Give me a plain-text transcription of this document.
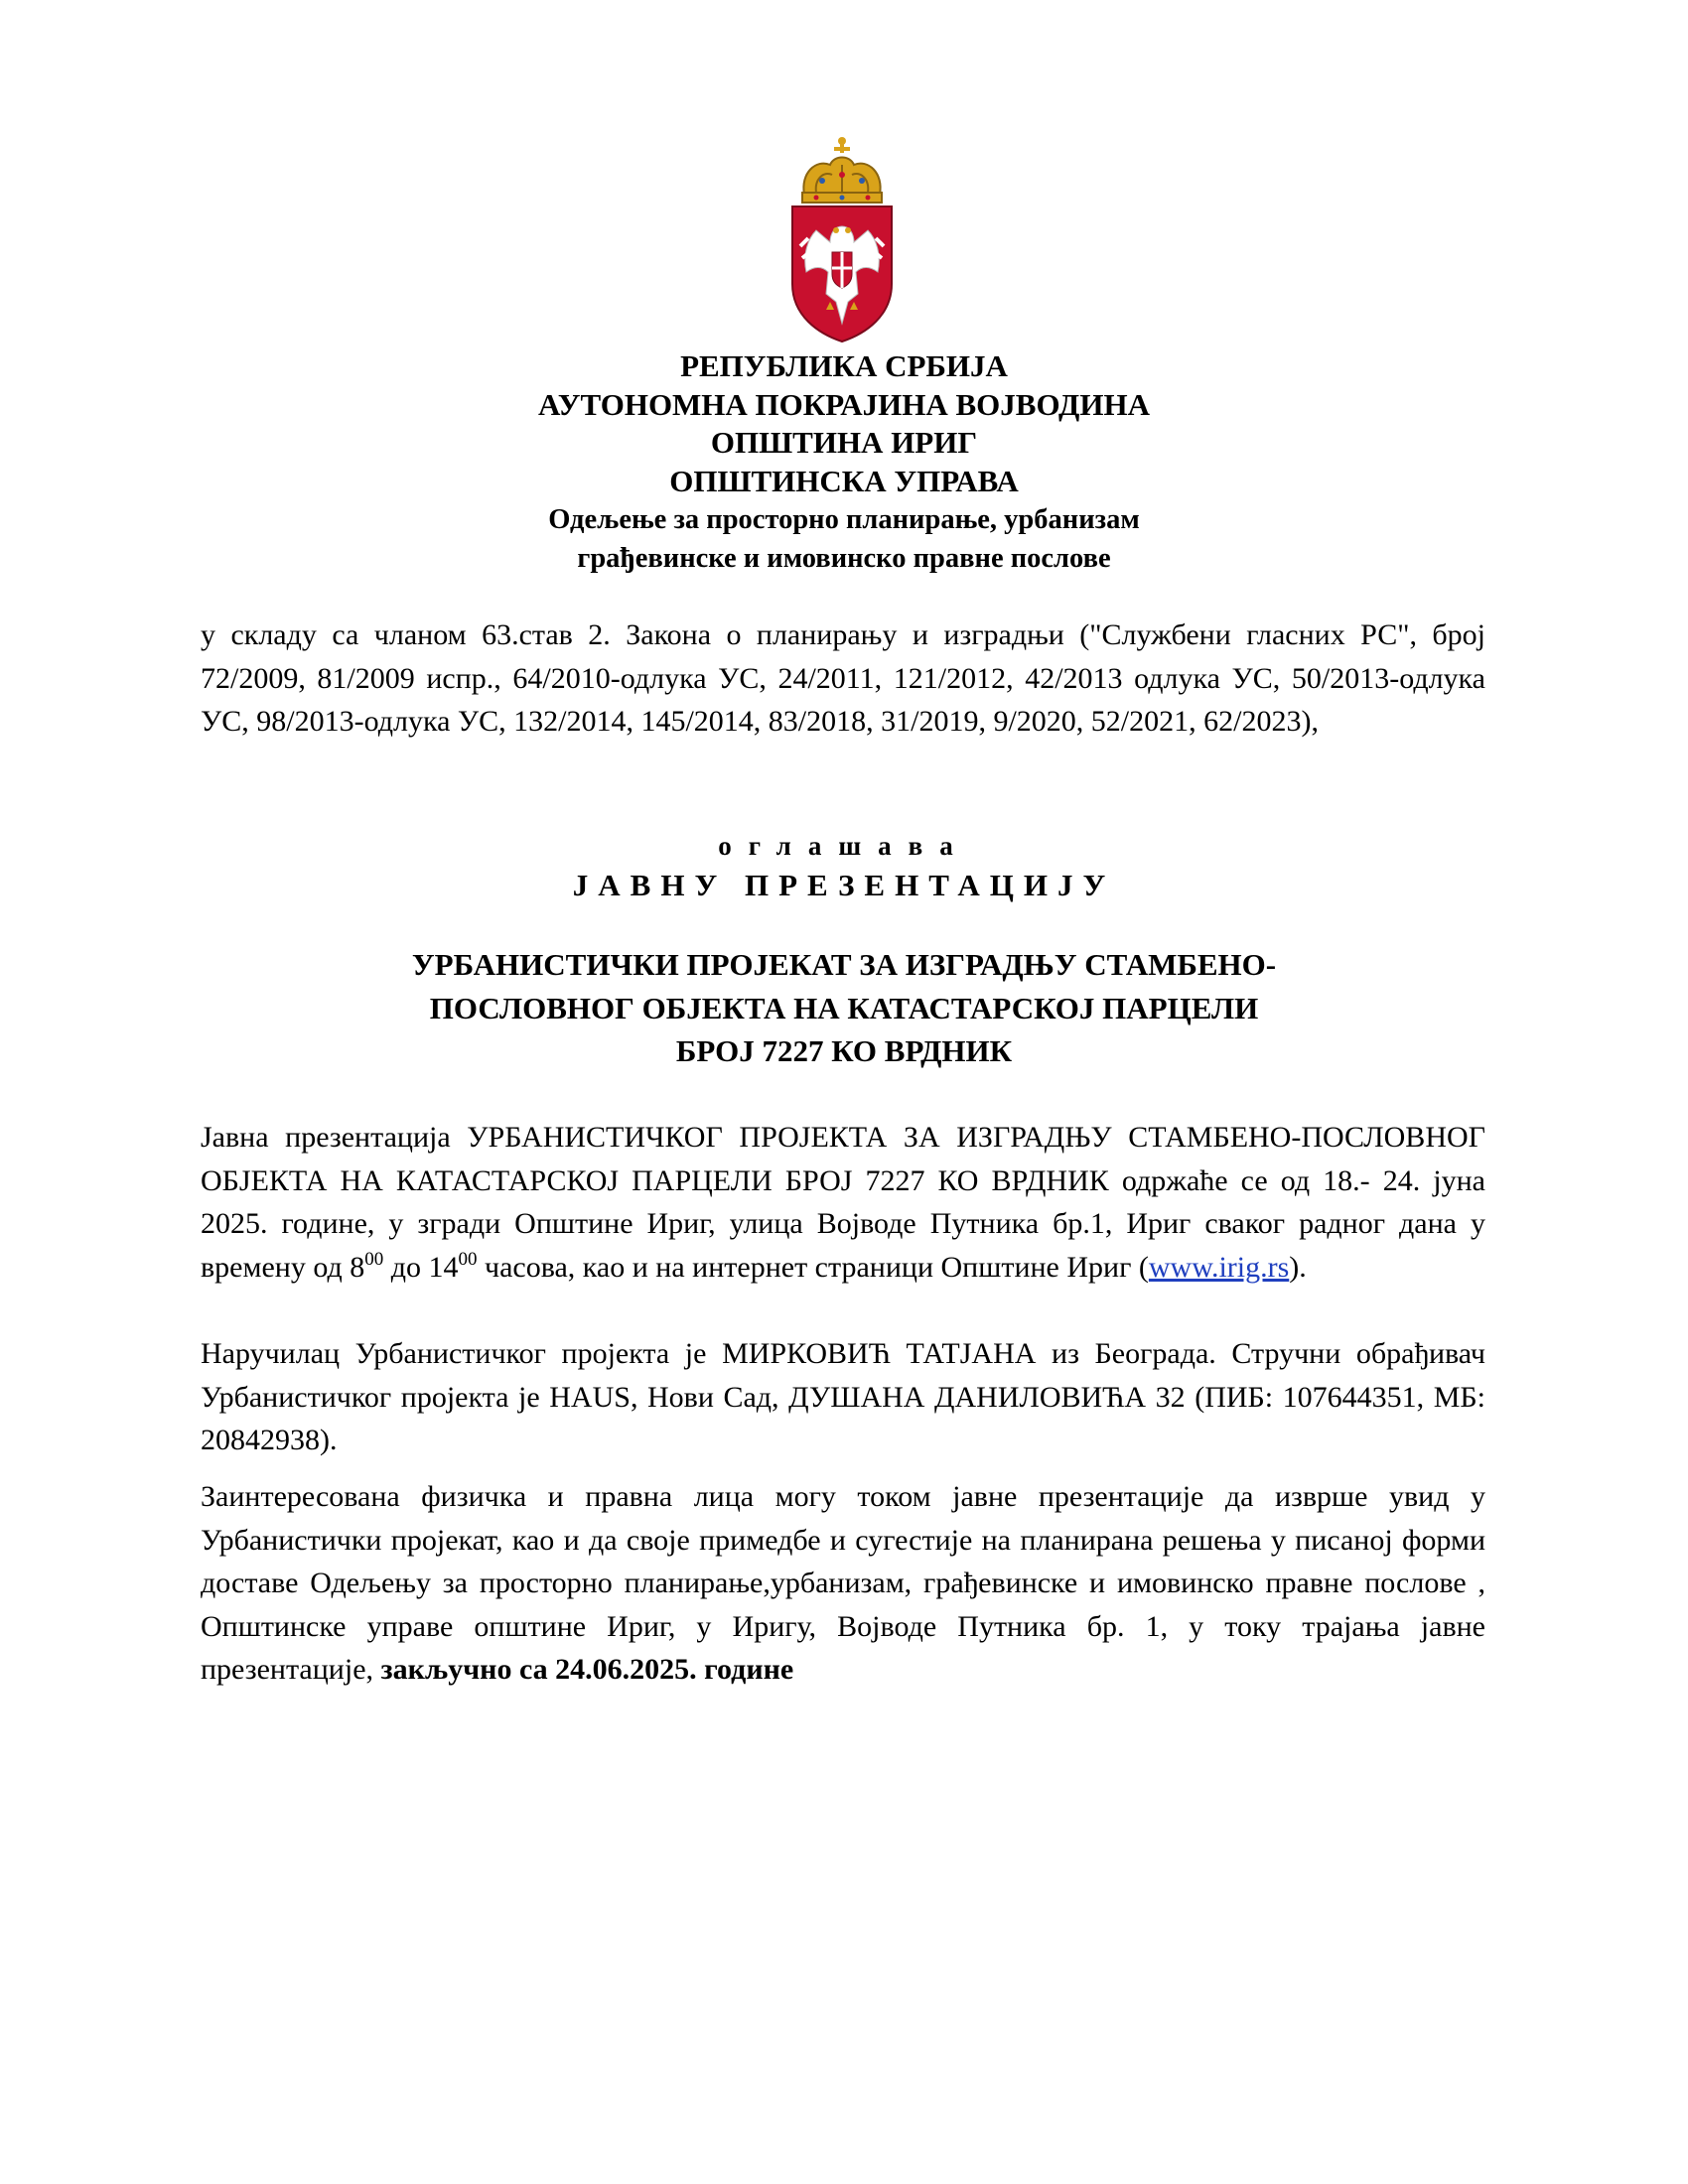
РЕПУБЛИКА СРБИЈА
АУТОНОМНА ПОКРАЈИНА ВОЈВОДИНА
ОПШТИНА ИРИГ
ОПШТИНСКА УПРАВА
Одељење за просторно планирање, урбанизам
грађевинске и имовинско правне послове
у складу са чланом 63.став 2. Закона о планирању и изградњи ("Службени гласних РС", број 72/2009, 81/2009 испр., 64/2010-одлука УС, 24/2011, 121/2012, 42/2013 одлука УС, 50/2013-одлука УС, 98/2013-одлука УС, 132/2014, 145/2014, 83/2018, 31/2019, 9/2020, 52/2021, 62/2023),
оглашава
ЈАВНУ ПРЕЗЕНТАЦИЈУ
УРБАНИСТИЧКИ ПРОЈЕКАТ ЗА ИЗГРАДЊУ СТАМБЕНО-
ПОСЛОВНОГ ОБЈЕКТА НА КАТАСТАРСКОЈ ПАРЦЕЛИ
БРОЈ 7227 КО ВРДНИК
Јавна презентација УРБАНИСТИЧКОГ ПРОЈЕКТА ЗА ИЗГРАДЊУ СТАМБЕНО-ПОСЛОВНОГ ОБЈЕКТА НА КАТАСТАРСКОЈ ПАРЦЕЛИ БРОЈ 7227 КО ВРДНИК одржаће се од 18.- 24. јуна 2025. године, у згради Општине Ириг, улица Војводе Путника бр.1, Ириг сваког радног дана у времену од $8^{00}$ до $14^{00}$ часова, као и на интернет страници Општине Ириг (www.irig.rs).
Наручилац Урбанистичког пројекта је МИРКОВИЋ ТАТЈАНА из Београда. Стручни обрађивач Урбанистичког пројекта је HAUS, Нови Сад, ДУШАНА ДАНИЛОВИЋА 32 (ПИБ: 107644351, МБ: 20842938).
Заинтересована физичка и правна лица могу током јавне презентације да изврше увид у Урбанистички пројекат, као и да своје примедбе и сугестије на планирана решења у писаној форми доставе Одељењу за просторно планирање,урбанизам, грађевинске и имовинско правне послове , Општинске управе општине Ириг, у Иригу, Војводе Путника бр. 1, у току трајања јавне презентације, закључно са 24.06.2025. године
